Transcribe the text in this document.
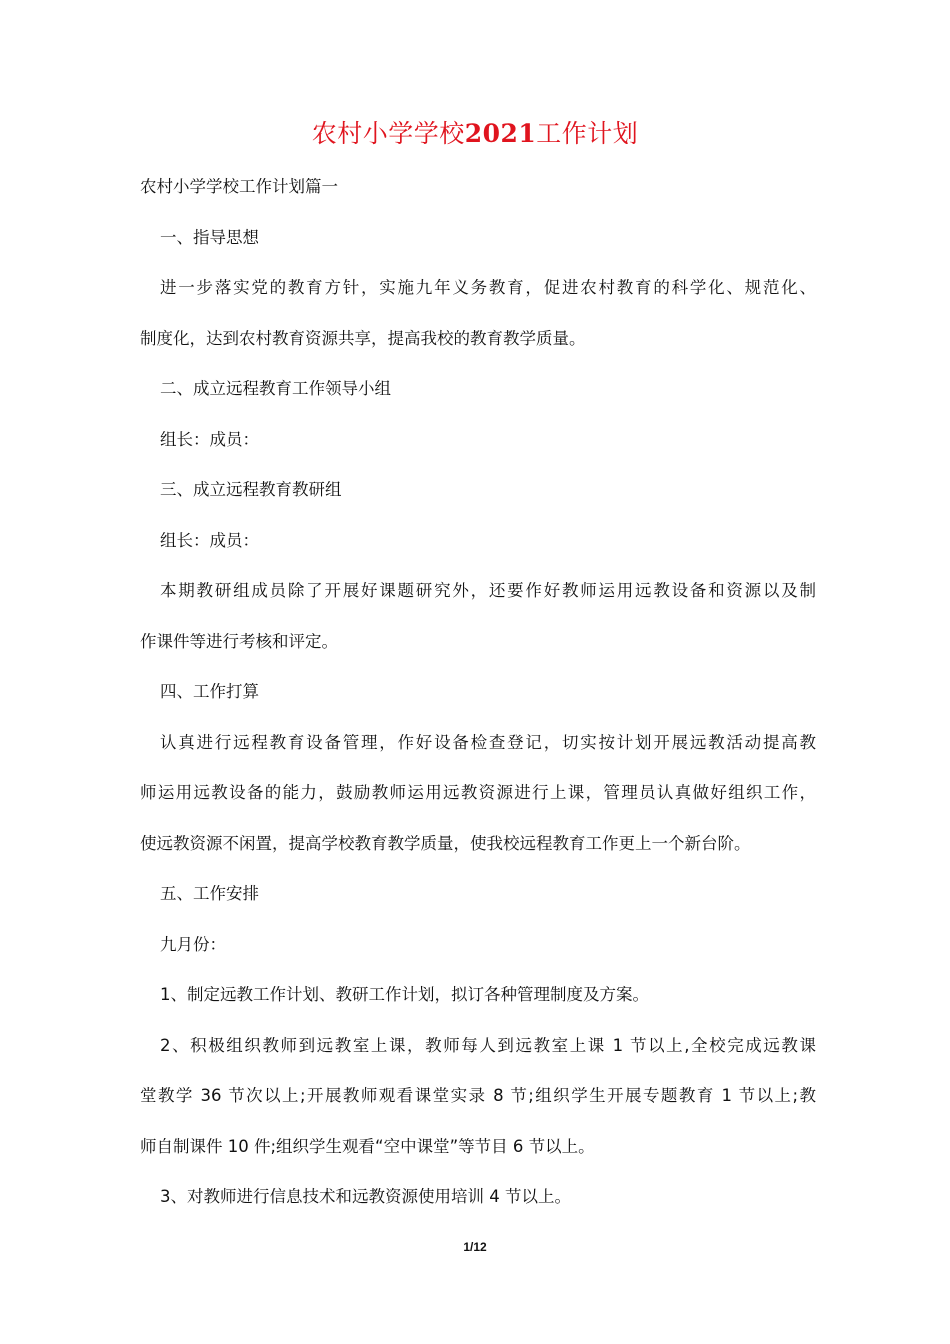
农村小学学校2021工作计划
农村小学学校工作计划篇一
一、指导思想
进一步落实党的教育方针，实施九年义务教育，促进农村教育的科学化、规范化、
制度化，达到农村教育资源共享，提高我校的教育教学质量。
二、成立远程教育工作领导小组
组长：成员：
三、成立远程教育教研组
组长：成员：
本期教研组成员除了开展好课题研究外，还要作好教师运用远教设备和资源以及制
作课件等进行考核和评定。
四、工作打算
认真进行远程教育设备管理，作好设备检查登记，切实按计划开展远教活动提高教
师运用远教设备的能力，鼓励教师运用远教资源进行上课，管理员认真做好组织工作，
使远教资源不闲置，提高学校教育教学质量，使我校远程教育工作更上一个新台阶。
五、工作安排
九月份：
1、制定远教工作计划、教研工作计划，拟订各种管理制度及方案。
2、积极组织教师到远教室上课，教师每人到远教室上课 1 节以上,全校完成远教课
堂教学 36 节次以上;开展教师观看课堂实录 8 节;组织学生开展专题教育 1 节以上;教
师自制课件 10 件;组织学生观看“空中课堂”等节目 6 节以上。
3、对教师进行信息技术和远教资源使用培训 4 节以上。
1/12
